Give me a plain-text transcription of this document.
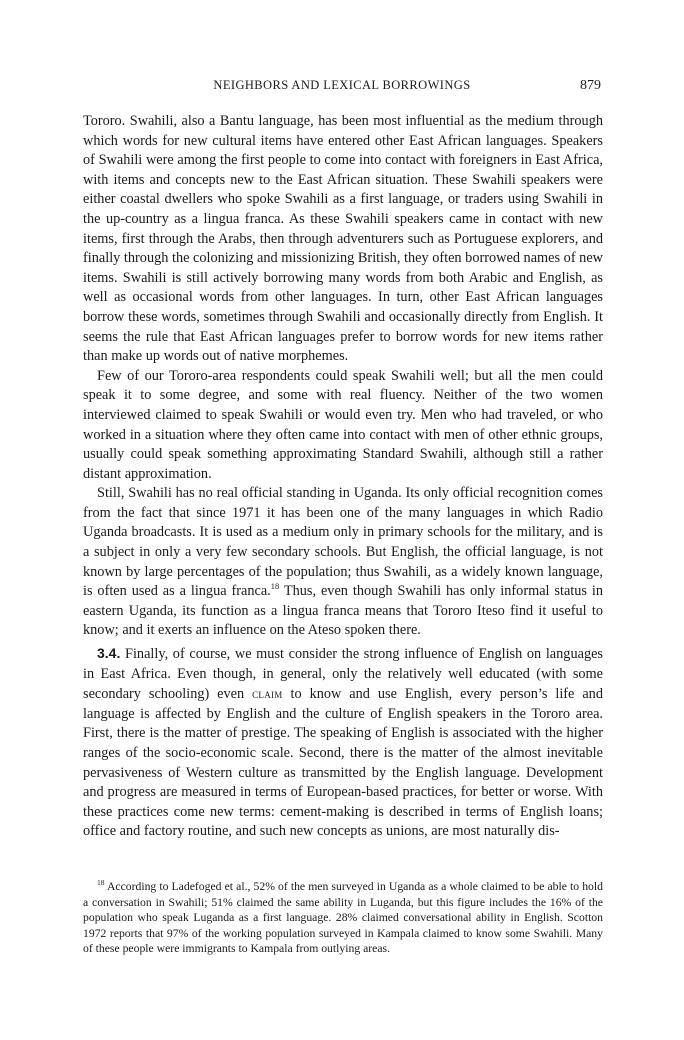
NEIGHBORS AND LEXICAL BORROWINGS	879

Tororo. Swahili, also a Bantu language, has been most influential as the medium through which words for new cultural items have entered other East African languages. Speakers of Swahili were among the first people to come into contact with foreigners in East Africa, with items and concepts new to the East African situation. These Swahili speakers were either coastal dwellers who spoke Swahili as a first language, or traders using Swahili in the up-country as a lingua franca. As these Swahili speakers came in contact with new items, first through the Arabs, then through adventurers such as Portuguese explorers, and finally through the colonizing and missionizing British, they often borrowed names of new items. Swahili is still actively borrowing many words from both Arabic and English, as well as occasional words from other languages. In turn, other East African languages borrow these words, sometimes through Swahili and occasionally directly from English. It seems the rule that East African languages prefer to borrow words for new items rather than make up words out of native morphemes.

Few of our Tororo-area respondents could speak Swahili well; but all the men could speak it to some degree, and some with real fluency. Neither of the two women interviewed claimed to speak Swahili or would even try. Men who had traveled, or who worked in a situation where they often came into contact with men of other ethnic groups, usually could speak something approximating Standard Swahili, although still a rather distant approximation.

Still, Swahili has no real official standing in Uganda. Its only official recognition comes from the fact that since 1971 it has been one of the many languages in which Radio Uganda broadcasts. It is used as a medium only in primary schools for the military, and is a subject in only a very few secondary schools. But English, the official language, is not known by large percentages of the population; thus Swahili, as a widely known language, is often used as a lingua franca.$^{18}$ Thus, even though Swahili has only informal status in eastern Uganda, its function as a lingua franca means that Tororo Iteso find it useful to know; and it exerts an influence on the Ateso spoken there.

3.4. Finally, of course, we must consider the strong influence of English on languages in East Africa. Even though, in general, only the relatively well educated (with some secondary schooling) even claim to know and use English, every person’s life and language is affected by English and the culture of English speakers in the Tororo area. First, there is the matter of prestige. The speaking of English is associated with the higher ranges of the socio-economic scale. Second, there is the matter of the almost inevitable pervasiveness of Western culture as transmitted by the English language. Development and progress are measured in terms of European-based practices, for better or worse. With these practices come new terms: cement-making is described in terms of English loans; office and factory routine, and such new concepts as unions, are most naturally dis-

$^{18}$ According to Ladefoged et al., 52% of the men surveyed in Uganda as a whole claimed to be able to hold a conversation in Swahili; 51% claimed the same ability in Luganda, but this figure includes the 16% of the population who speak Luganda as a first language. 28% claimed conversational ability in English. Scotton 1972 reports that 97% of the working population surveyed in Kampala claimed to know some Swahili. Many of these people were immigrants to Kampala from outlying areas.
